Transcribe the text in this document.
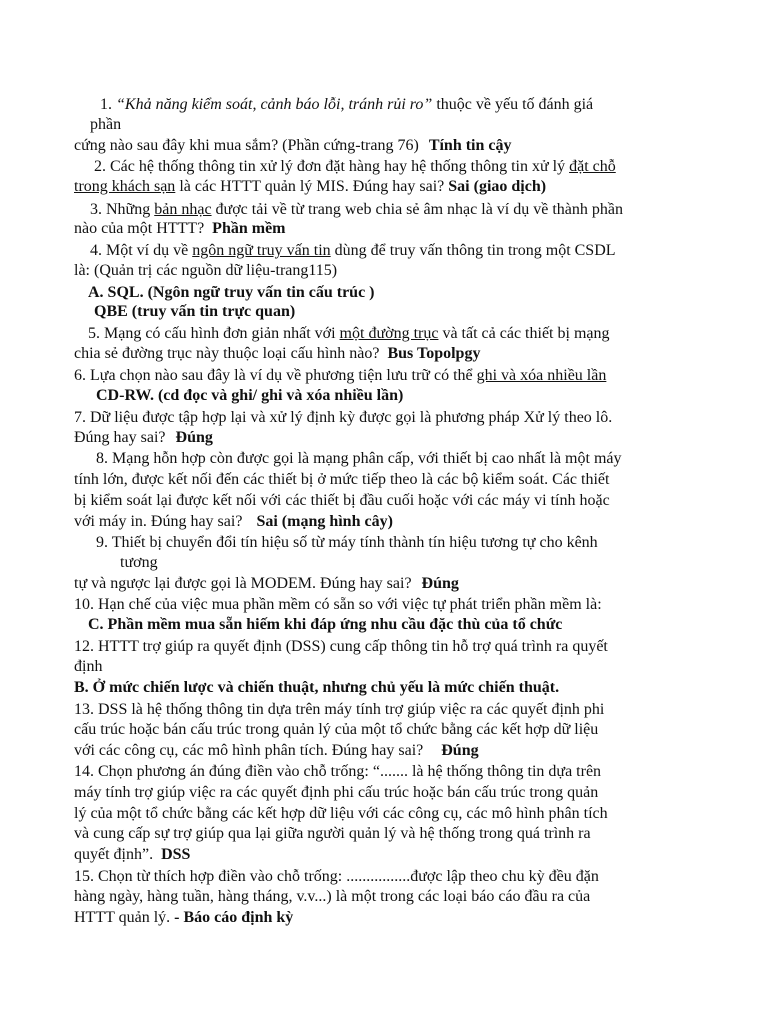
1. “Khả năng kiểm soát, cảnh báo lỗi, tránh rủi ro” thuộc về yếu tố đánh giá
phần
cứng nào sau đây khi mua sắm? (Phần cứng-trang 76) Tính tin cậy
2. Các hệ thống thông tin xử lý đơn đặt hàng hay hệ thống thông tin xử lý đặt chỗ
trong khách sạn là các HTTT quản lý MIS. Đúng hay sai? Sai (giao dịch)
3. Những bản nhạc được tải về từ trang web chia sẻ âm nhạc là ví dụ về thành phần
nào của một HTTT? Phần mềm
4. Một ví dụ về ngôn ngữ truy vấn tin dùng để truy vấn thông tin trong một CSDL
là: (Quản trị các nguồn dữ liệu-trang115)
A. SQL. (Ngôn ngữ truy vấn tin cấu trúc )
QBE (truy vấn tin trực quan)
5. Mạng có cấu hình đơn giản nhất với một đường trục và tất cả các thiết bị mạng
chia sẻ đường trục này thuộc loại cấu hình nào? Bus Topolpgy
6. Lựa chọn nào sau đây là ví dụ về phương tiện lưu trữ có thể ghi và xóa nhiều lần
CD-RW. (cd đọc và ghi/ ghi và xóa nhiều lần)
7. Dữ liệu được tập hợp lại và xử lý định kỳ được gọi là phương pháp Xử lý theo lô.
Đúng hay sai? Đúng
8. Mạng hỗn hợp còn được gọi là mạng phân cấp, với thiết bị cao nhất là một máy
tính lớn, được kết nối đến các thiết bị ở mức tiếp theo là các bộ kiểm soát. Các thiết
bị kiểm soát lại được kết nối với các thiết bị đầu cuối hoặc với các máy vi tính hoặc
với máy in. Đúng hay sai? Sai (mạng hình cây)
9. Thiết bị chuyển đổi tín hiệu số từ máy tính thành tín hiệu tương tự cho kênh
tương
tự và ngược lại được gọi là MODEM. Đúng hay sai? Đúng
10. Hạn chế của việc mua phần mềm có sẵn so với việc tự phát triển phần mềm là:
C. Phần mềm mua sẵn hiếm khi đáp ứng nhu cầu đặc thù của tổ chức
12. HTTT trợ giúp ra quyết định (DSS) cung cấp thông tin hỗ trợ quá trình ra quyết
định
B. Ở mức chiến lược và chiến thuật, nhưng chủ yếu là mức chiến thuật.
13. DSS là hệ thống thông tin dựa trên máy tính trợ giúp việc ra các quyết định phi
cấu trúc hoặc bán cấu trúc trong quản lý của một tổ chức bằng các kết hợp dữ liệu
với các công cụ, các mô hình phân tích. Đúng hay sai? Đúng
14. Chọn phương án đúng điền vào chỗ trống: “....... là hệ thống thông tin dựa trên
máy tính trợ giúp việc ra các quyết định phi cấu trúc hoặc bán cấu trúc trong quản
lý của một tổ chức bằng các kết hợp dữ liệu với các công cụ, các mô hình phân tích
và cung cấp sự trợ giúp qua lại giữa người quản lý và hệ thống trong quá trình ra
quyết định”. DSS
15. Chọn từ thích hợp điền vào chỗ trống: ................được lập theo chu kỳ đều đặn
hàng ngày, hàng tuần, hàng tháng, v.v...) là một trong các loại báo cáo đầu ra của
HTTT quản lý. - Báo cáo định kỳ
